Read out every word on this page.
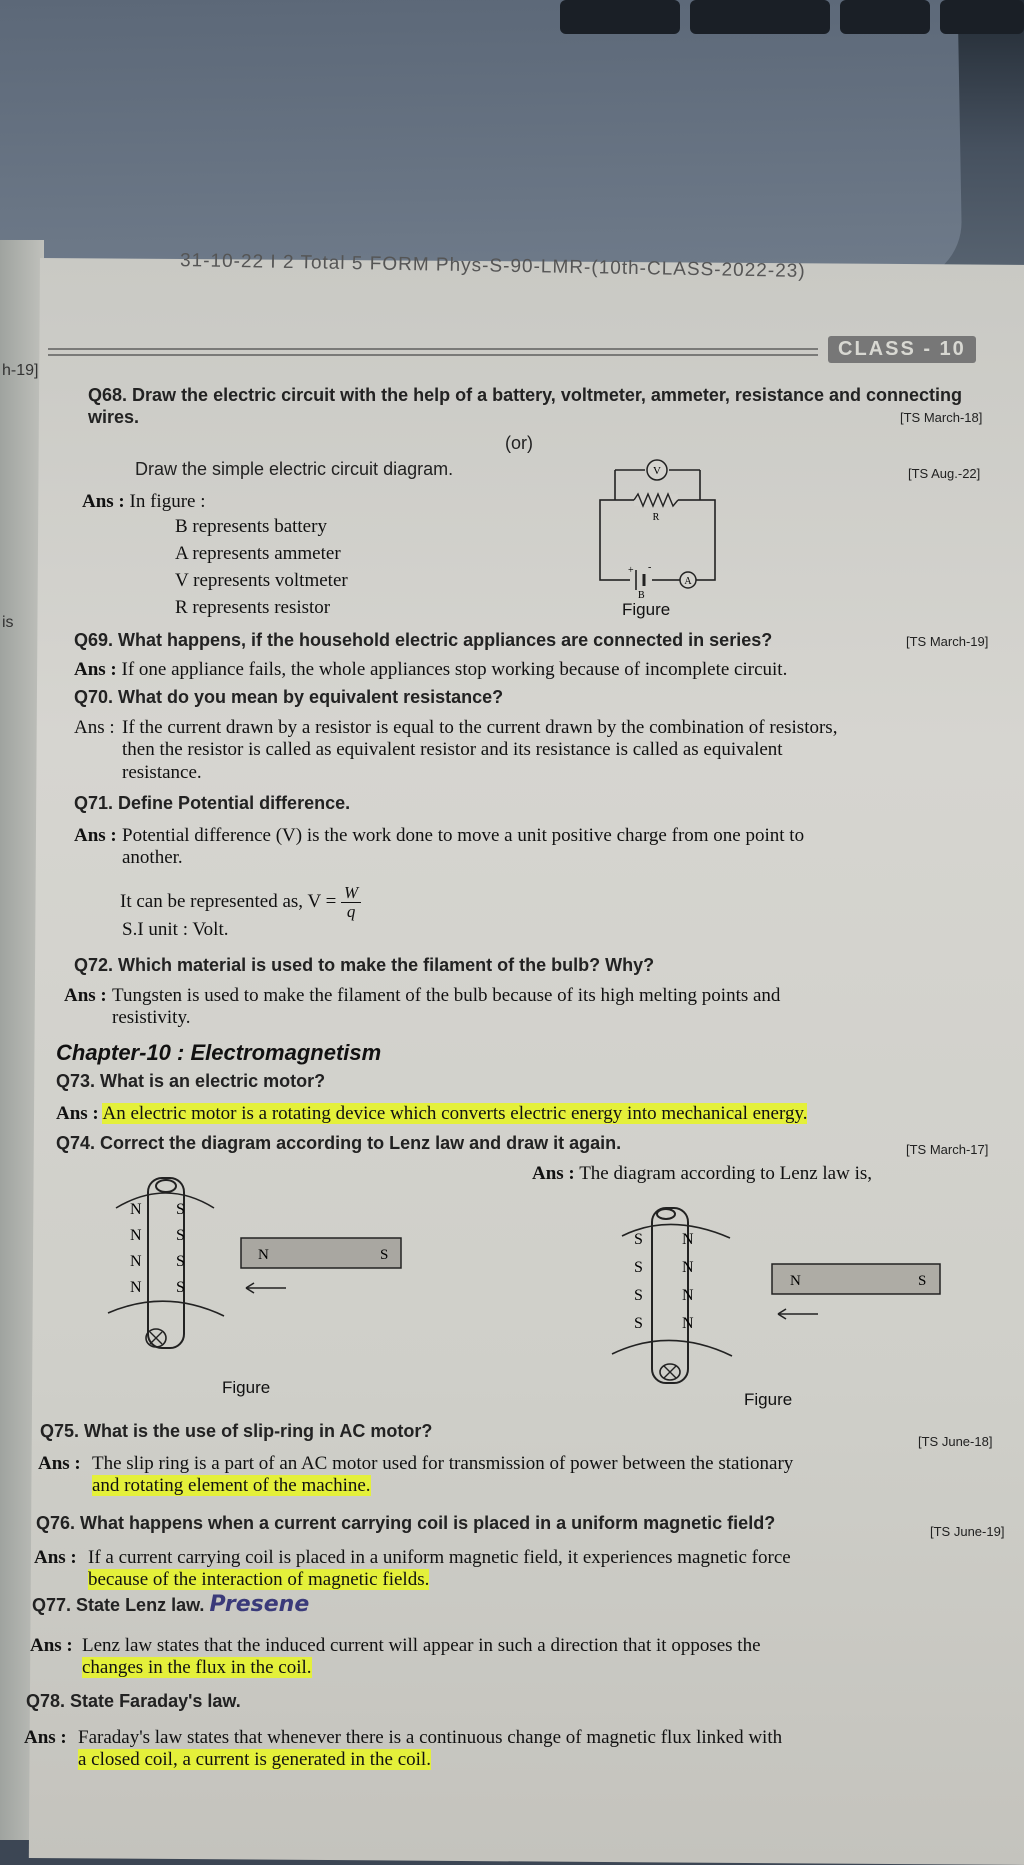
31-10-22 I 2 Total 5 FORM Phys-S-90-LMR-(10th-CLASS-2022-23)
CLASS - 10
h-19]
is
Q68. Draw the electric circuit with the help of a battery, voltmeter, ammeter, resistance and connecting wires.	[TS March-18]
(or)
Draw the simple electric circuit diagram.	[TS Aug.-22]
Ans : In figure :
B represents battery
A represents ammeter
V represents voltmeter
R represents resistor
V
R
+ -
B
A
Figure
Q69. What happens, if the household electric appliances are connected in series?	[TS March-19]
Ans : If one appliance fails, the whole appliances stop working because of incomplete circuit.
Q70. What do you mean by equivalent resistance?
Ans : If the current drawn by a resistor is equal to the current drawn by the combination of resistors,
then the resistor is called as equivalent resistor and its resistance is called as equivalent
resistance.
Q71. Define Potential difference.
Ans : Potential difference (V) is the work done to move a unit positive charge from one point to
another.
It can be represented as, $V = \frac{W}{q}$
S.I unit : Volt.
Q72. Which material is used to make the filament of the bulb? Why?
Ans : Tungsten is used to make the filament of the bulb because of its high melting points and
resistivity.
Chapter-10 : Electromagnetism
Q73. What is an electric motor?
Ans : An electric motor is a rotating device which converts electric energy into mechanical energy.
Q74. Correct the diagram according to Lenz law and draw it again.	[TS March-17]
Ans : The diagram according to Lenz law is,
N
N
N
N
S
S
S
S
N	S
Figure
S
S
S
S
N
N
N
N
N	S
Figure
Q75. What is the use of slip-ring in AC motor?
[TS June-18]
Ans : The slip ring is a part of an AC motor used for transmission of power between the stationary
and rotating element of the machine.
Q76. What happens when a current carrying coil is placed in a uniform magnetic field?	[TS June-19]
Ans : If a current carrying coil is placed in a uniform magnetic field, it experiences magnetic force
because of the interaction of magnetic fields.
Q77. State Lenz law. Presene
Ans : Lenz law states that the induced current will appear in such a direction that it opposes the
changes in the flux in the coil.
Q78. State Faraday's law.
Ans : Faraday's law states that whenever there is a continuous change of magnetic flux linked with
a closed coil, a current is generated in the coil.
